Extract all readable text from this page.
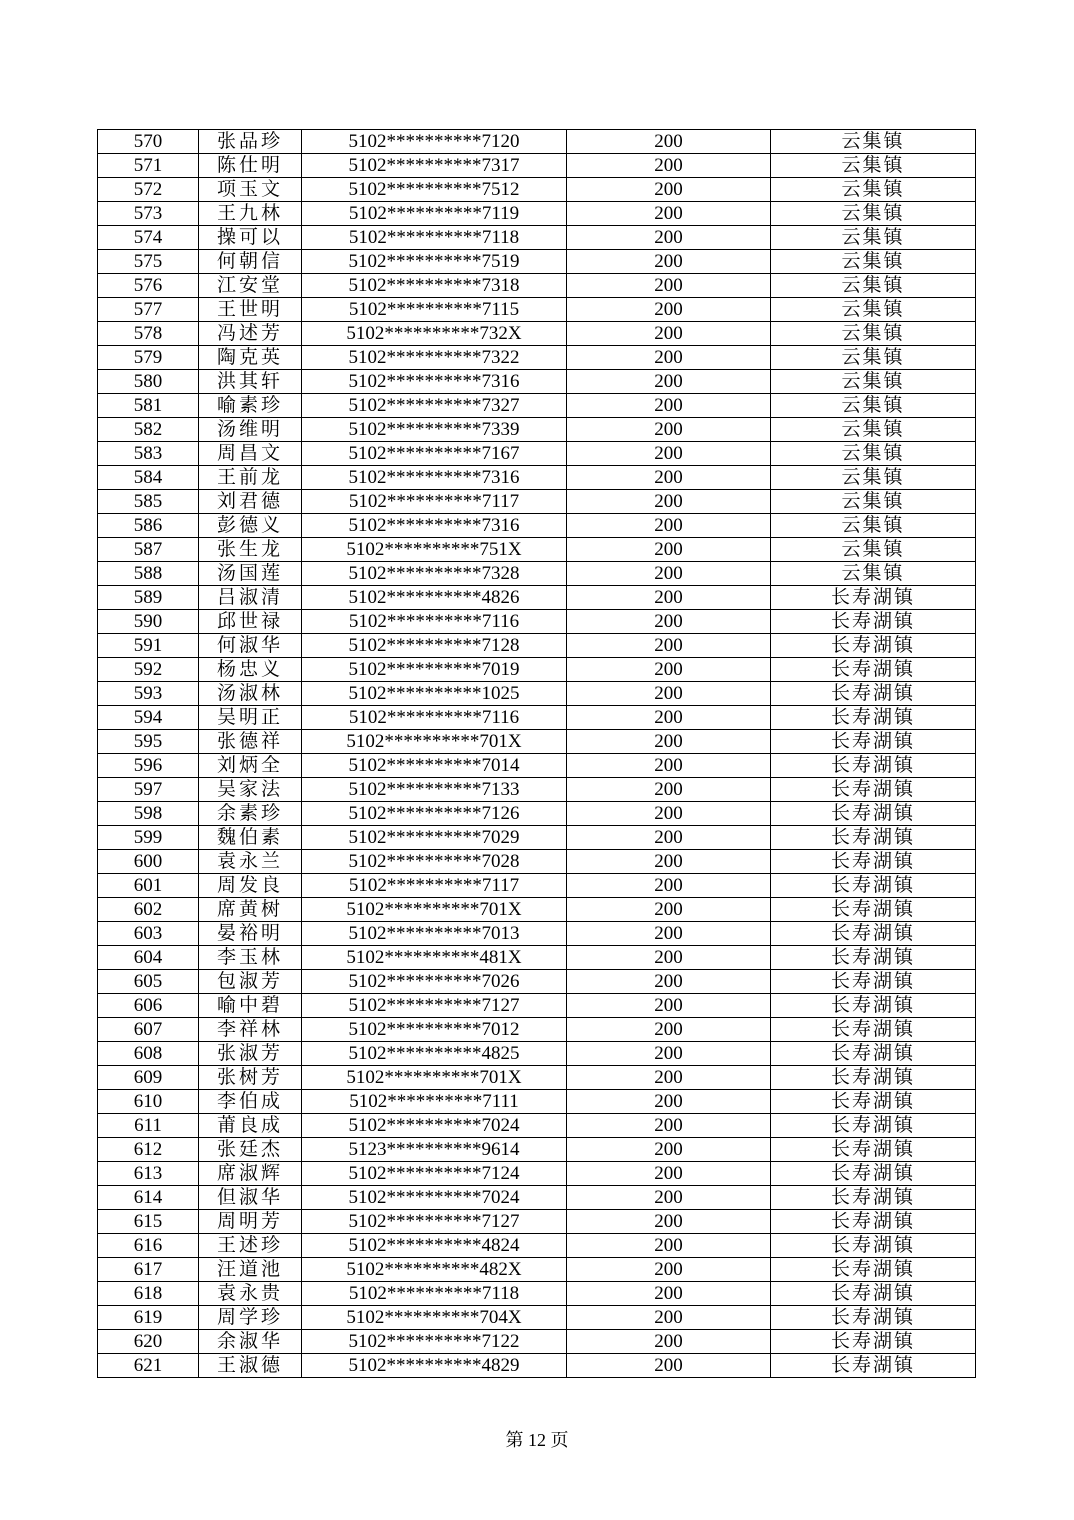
570	张品珍	5102**********7120	200	云集镇
571	陈仕明	5102**********7317	200	云集镇
572	项玉文	5102**********7512	200	云集镇
573	王九林	5102**********7119	200	云集镇
574	操可以	5102**********7118	200	云集镇
575	何朝信	5102**********7519	200	云集镇
576	江安堂	5102**********7318	200	云集镇
577	王世明	5102**********7115	200	云集镇
578	冯述芳	5102**********732X	200	云集镇
579	陶克英	5102**********7322	200	云集镇
580	洪其轩	5102**********7316	200	云集镇
581	喻素珍	5102**********7327	200	云集镇
582	汤维明	5102**********7339	200	云集镇
583	周昌文	5102**********7167	200	云集镇
584	王前龙	5102**********7316	200	云集镇
585	刘君德	5102**********7117	200	云集镇
586	彭德义	5102**********7316	200	云集镇
587	张生龙	5102**********751X	200	云集镇
588	汤国莲	5102**********7328	200	云集镇
589	吕淑清	5102**********4826	200	长寿湖镇
590	邱世禄	5102**********7116	200	长寿湖镇
591	何淑华	5102**********7128	200	长寿湖镇
592	杨忠义	5102**********7019	200	长寿湖镇
593	汤淑林	5102**********1025	200	长寿湖镇
594	吴明正	5102**********7116	200	长寿湖镇
595	张德祥	5102**********701X	200	长寿湖镇
596	刘炳全	5102**********7014	200	长寿湖镇
597	吴家法	5102**********7133	200	长寿湖镇
598	余素珍	5102**********7126	200	长寿湖镇
599	魏伯素	5102**********7029	200	长寿湖镇
600	袁永兰	5102**********7028	200	长寿湖镇
601	周发良	5102**********7117	200	长寿湖镇
602	席黄树	5102**********701X	200	长寿湖镇
603	晏裕明	5102**********7013	200	长寿湖镇
604	李玉林	5102**********481X	200	长寿湖镇
605	包淑芳	5102**********7026	200	长寿湖镇
606	喻中碧	5102**********7127	200	长寿湖镇
607	李祥林	5102**********7012	200	长寿湖镇
608	张淑芳	5102**********4825	200	长寿湖镇
609	张树芳	5102**********701X	200	长寿湖镇
610	李伯成	5102**********7111	200	长寿湖镇
611	莆良成	5102**********7024	200	长寿湖镇
612	张廷杰	5123**********9614	200	长寿湖镇
613	席淑辉	5102**********7124	200	长寿湖镇
614	但淑华	5102**********7024	200	长寿湖镇
615	周明芳	5102**********7127	200	长寿湖镇
616	王述珍	5102**********4824	200	长寿湖镇
617	汪道池	5102**********482X	200	长寿湖镇
618	袁永贵	5102**********7118	200	长寿湖镇
619	周学珍	5102**********704X	200	长寿湖镇
620	余淑华	5102**********7122	200	长寿湖镇
621	王淑德	5102**********4829	200	长寿湖镇
第 12 页
